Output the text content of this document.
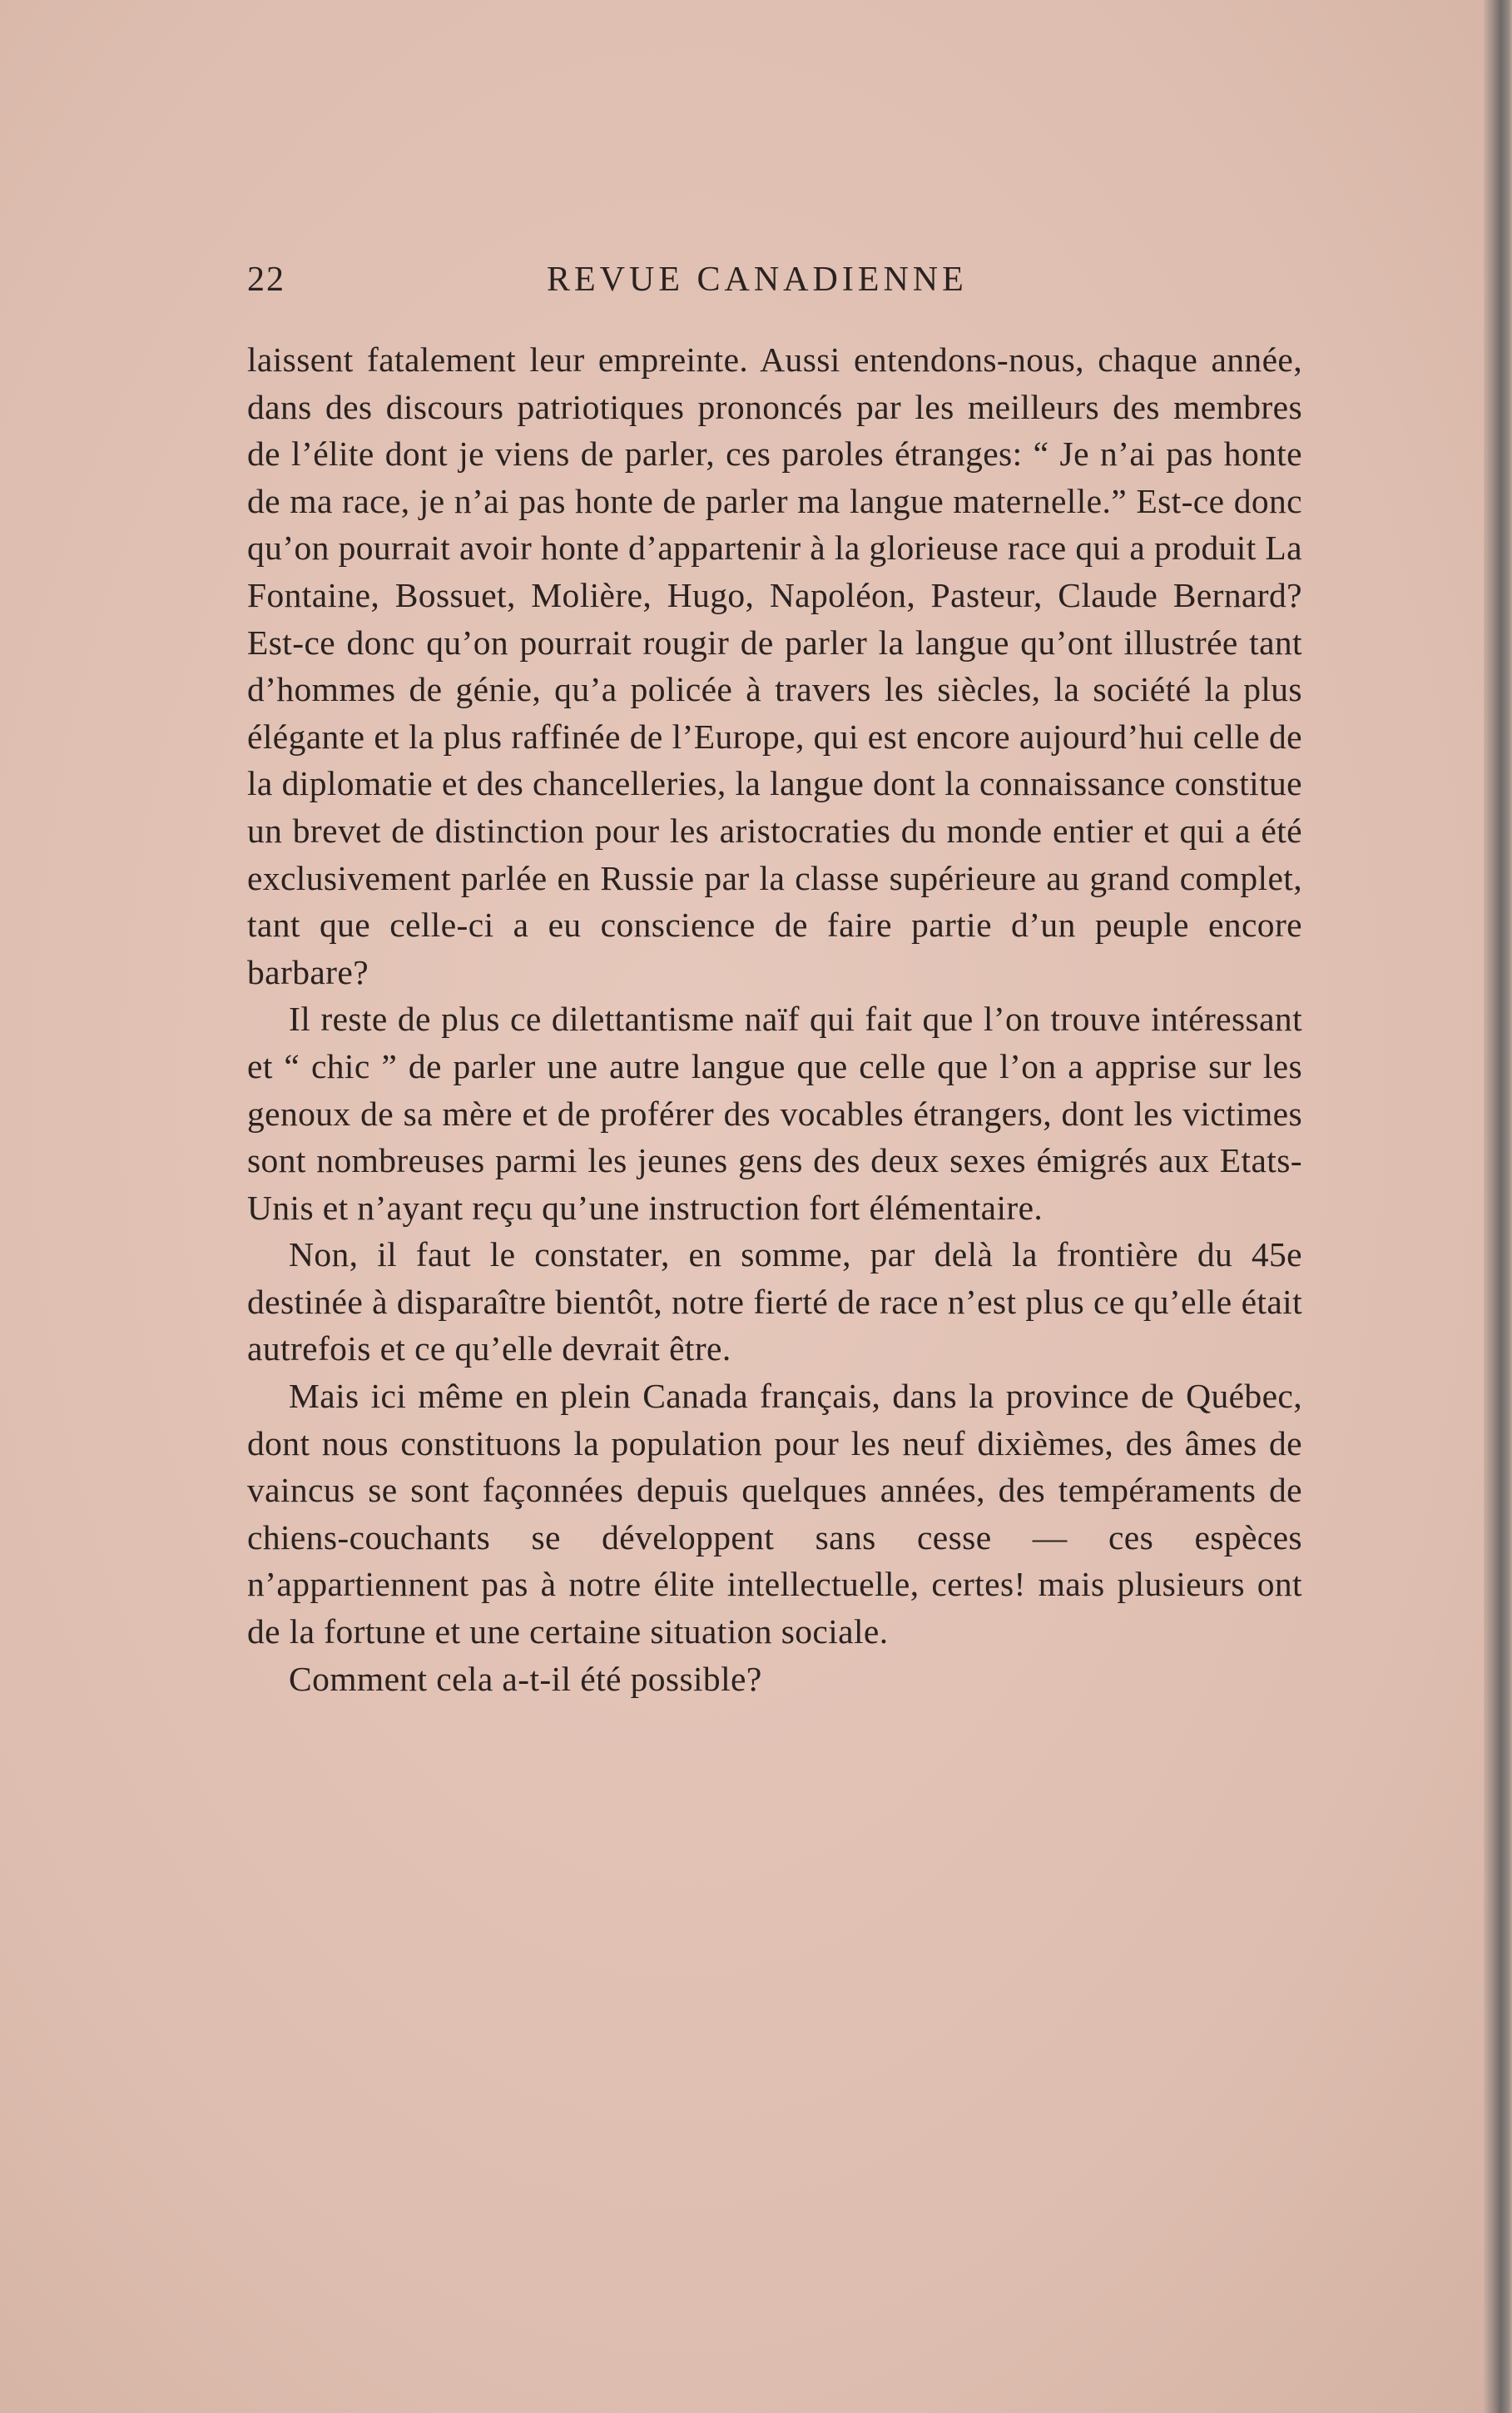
22	REVUE CANADIENNE

laissent fatalement leur empreinte. Aussi entendons-nous, chaque année, dans des discours patriotiques prononcés par les meilleurs des membres de l’élite dont je viens de parler, ces paroles étranges: “ Je n’ai pas honte de ma race, je n’ai pas honte de parler ma langue maternelle.” Est-ce donc qu’on pourrait avoir honte d’appartenir à la glorieuse race qui a produit La Fontaine, Bossuet, Molière, Hugo, Napoléon, Pasteur, Claude Bernard? Est-ce donc qu’on pourrait rougir de parler la langue qu’ont illustrée tant d’hommes de génie, qu’a policée à travers les siècles, la société la plus élégante et la plus raffinée de l’Europe, qui est encore aujourd’hui celle de la diplomatie et des chancelleries, la langue dont la connaissance constitue un brevet de distinction pour les aristocraties du monde entier et qui a été exclusivement parlée en Russie par la classe supérieure au grand complet, tant que celle-ci a eu conscience de faire partie d’un peuple encore barbare?

Il reste de plus ce dilettantisme naïf qui fait que l’on trouve intéressant et “ chic ” de parler une autre langue que celle que l’on a apprise sur les genoux de sa mère et de proférer des vocables étrangers, dont les victimes sont nombreuses parmi les jeunes gens des deux sexes émigrés aux Etats-Unis et n’ayant reçu qu’une instruction fort élémentaire.

Non, il faut le constater, en somme, par delà la frontière du 45e destinée à disparaître bientôt, notre fierté de race n’est plus ce qu’elle était autrefois et ce qu’elle devrait être.

Mais ici même en plein Canada français, dans la province de Québec, dont nous constituons la population pour les neuf dixièmes, des âmes de vaincus se sont façonnées depuis quelques années, des tempéraments de chiens-couchants se développent sans cesse — ces espèces n’appartiennent pas à notre élite intellectuelle, certes! mais plusieurs ont de la fortune et une certaine situation sociale.

Comment cela a-t-il été possible?
